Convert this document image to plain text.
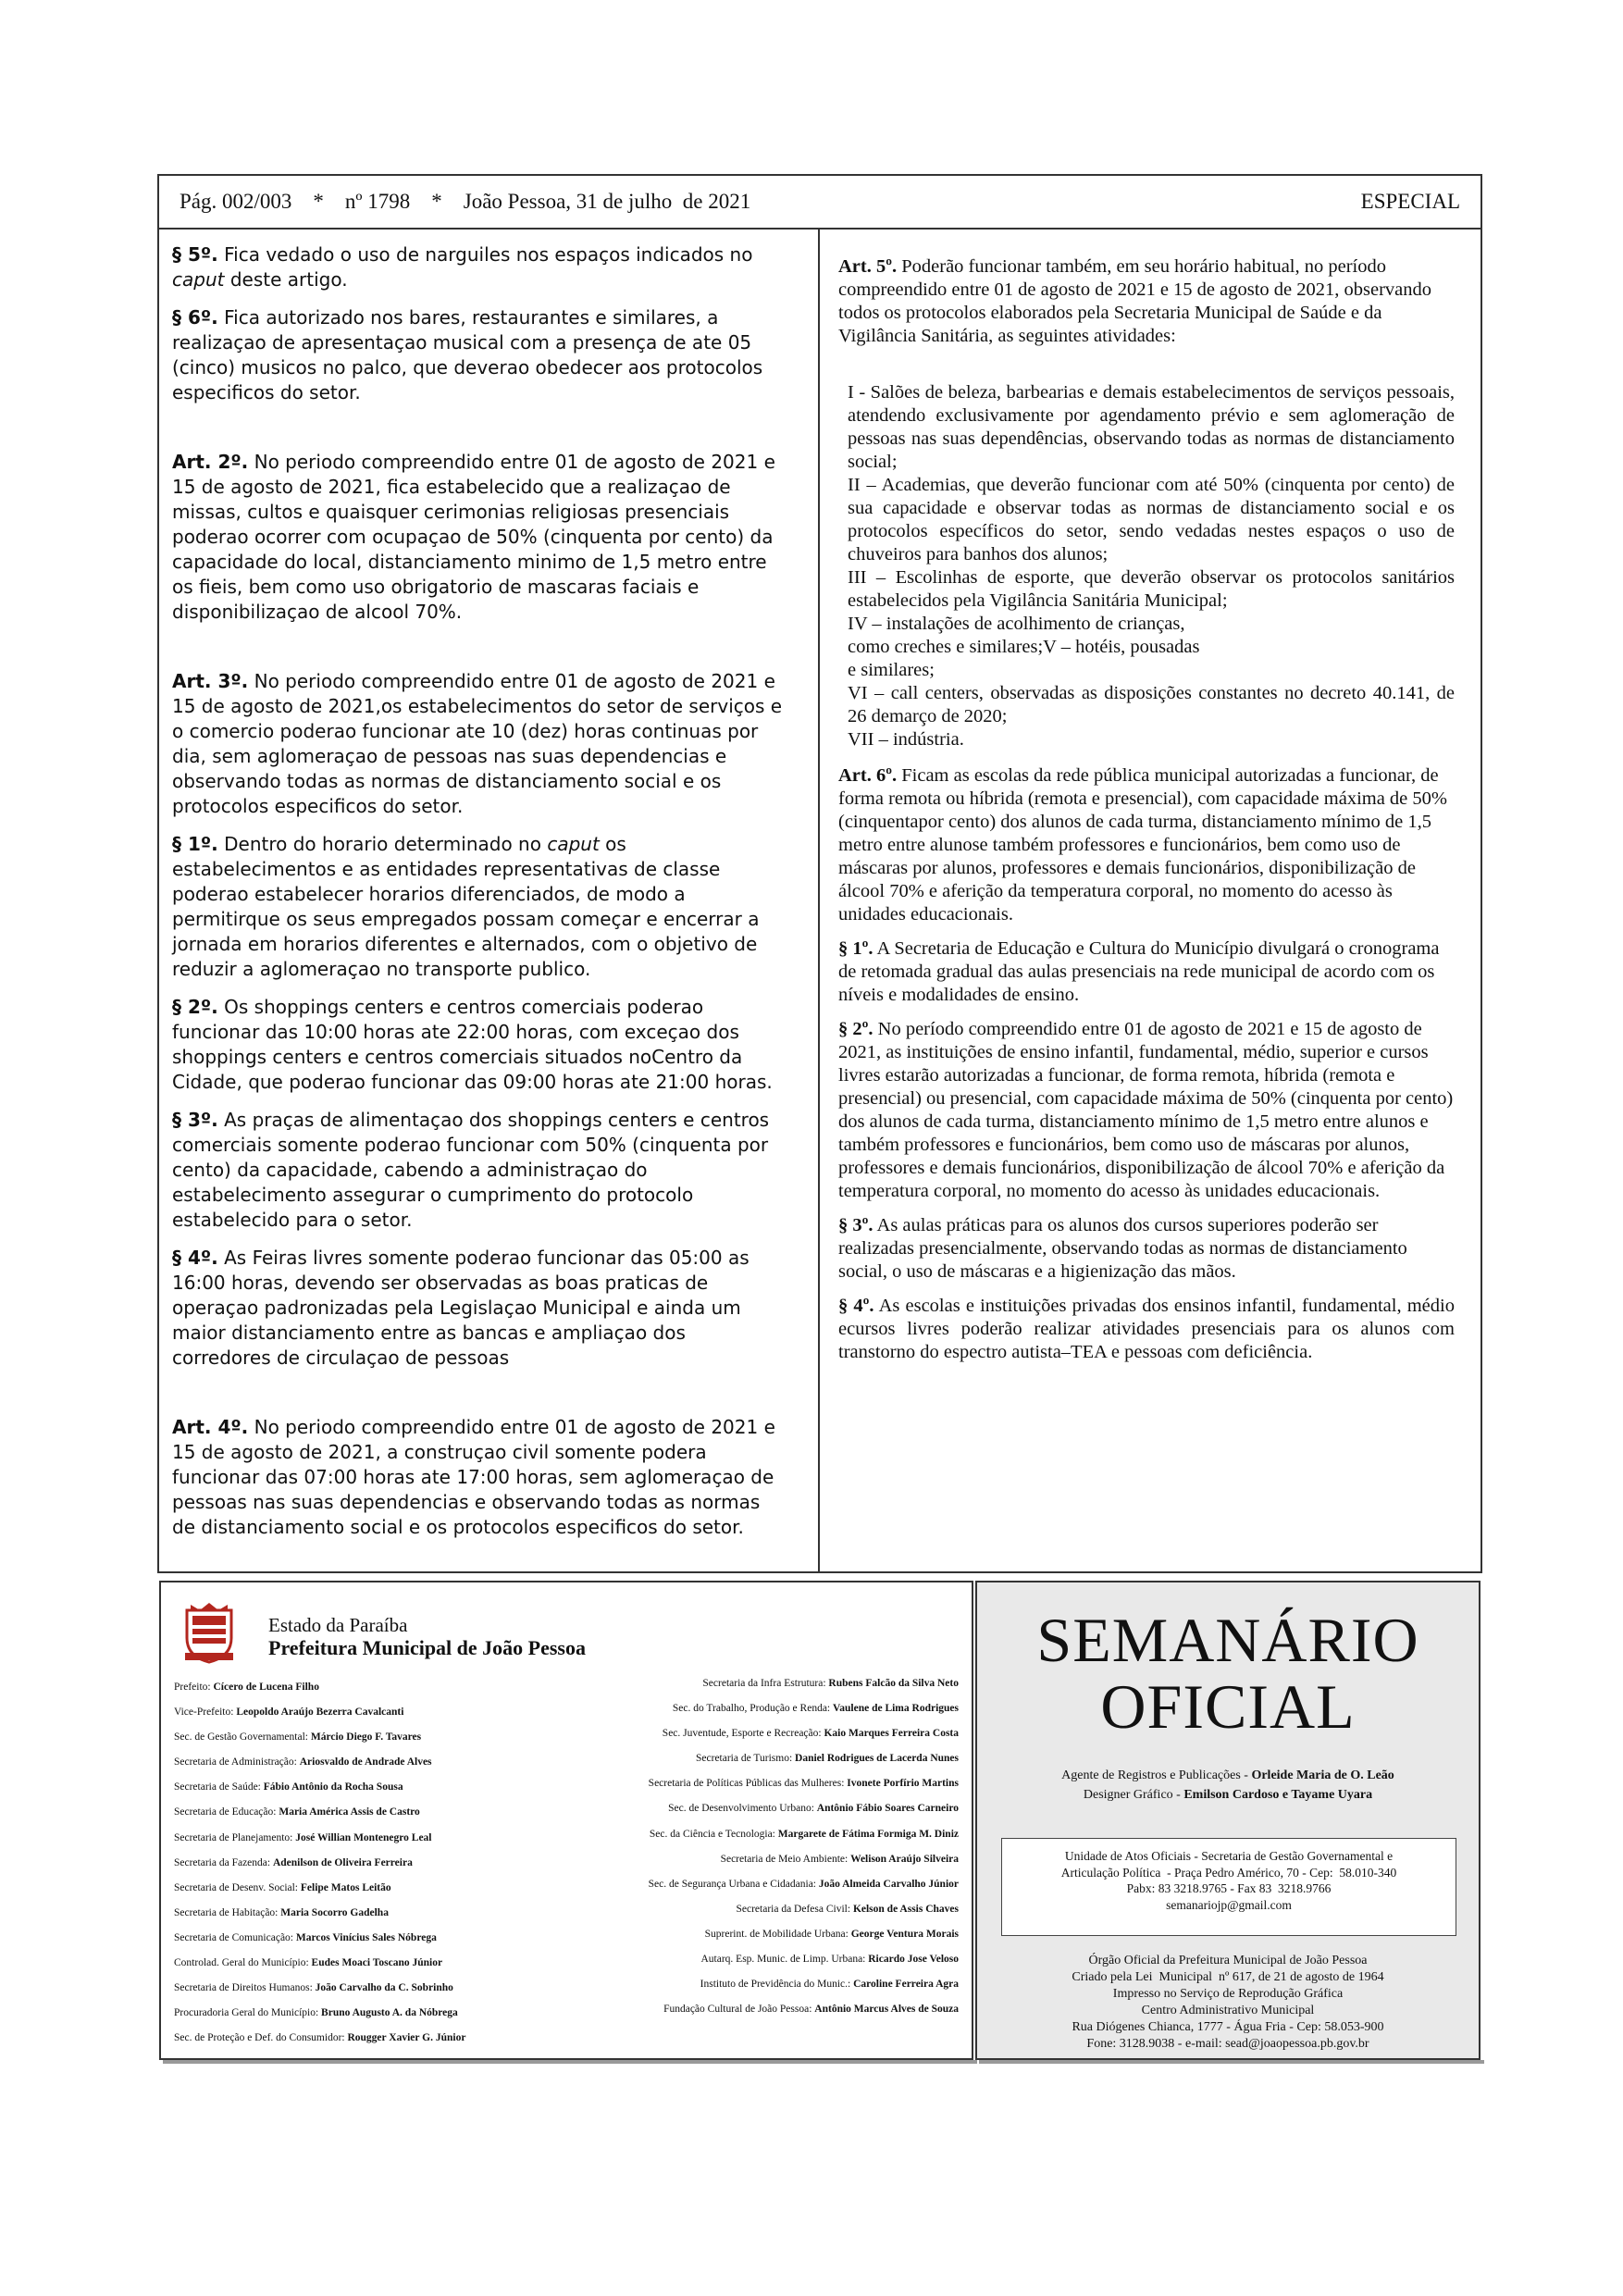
Pág. 002/003    *    nº 1798    *    João Pessoa, 31 de julho  de 2021	ESPECIAL

§ 5º. Fica vedado o uso de narguiles nos espaços indicados no caput deste artigo.

§ 6º. Fica autorizado nos bares, restaurantes e similares, a realizaçao de apresentaçao musical com a presença de ate 05 (cinco) musicos no palco, que deverao obedecer aos protocolos especificos do setor.

Art. 2º. No periodo compreendido entre 01 de agosto de 2021 e 15 de agosto de 2021, fica estabelecido que a realizaçao de missas, cultos e quaisquer cerimonias religiosas presenciais poderao ocorrer com ocupaçao de 50% (cinquenta por cento) da capacidade do local, distanciamento minimo de 1,5 metro entre os fieis, bem como uso obrigatorio de mascaras faciais e disponibilizaçao de alcool 70%.

Art. 3º. No periodo compreendido entre 01 de agosto de 2021 e 15 de agosto de 2021,os estabelecimentos do setor de serviços e o comercio poderao funcionar ate 10 (dez) horas continuas por dia, sem aglomeraçao de pessoas nas suas dependencias e observando todas as normas de distanciamento social e os protocolos especificos do setor.

§ 1º. Dentro do horario determinado no caput os estabelecimentos e as entidades representativas de classe poderao estabelecer horarios diferenciados, de modo a permitirque os seus empregados possam começar e encerrar a jornada em horarios diferentes e alternados, com o objetivo de reduzir a aglomeraçao no transporte publico.

§ 2º. Os shoppings centers e centros comerciais poderao funcionar das 10:00 horas ate 22:00 horas, com exceçao dos shoppings centers e centros comerciais situados noCentro da Cidade, que poderao funcionar das 09:00 horas ate 21:00 horas.

§ 3º. As praças de alimentaçao dos shoppings centers e centros comerciais somente poderao funcionar com 50% (cinquenta por cento) da capacidade, cabendo a administraçao do estabelecimento assegurar o cumprimento do protocolo estabelecido para o setor.

§ 4º. As Feiras livres somente poderao funcionar das 05:00 as 16:00 horas, devendo ser observadas as boas praticas de operaçao padronizadas pela Legislaçao Municipal e ainda um maior distanciamento entre as bancas e ampliaçao dos corredores de circulaçao de pessoas

Art. 4º. No periodo compreendido entre 01 de agosto de 2021 e 15 de agosto de 2021, a construçao civil somente podera funcionar das 07:00 horas ate 17:00 horas, sem aglomeraçao de pessoas nas suas dependencias e observando todas as normas de distanciamento social e os protocolos especificos do setor.

Art. 5º. Poderão funcionar também, em seu horário habitual, no período compreendido entre 01 de agosto de 2021 e 15 de agosto de 2021, observando todos os protocolos elaborados pela Secretaria Municipal de Saúde e da Vigilância Sanitária, as seguintes atividades:

I - Salões de beleza, barbearias e demais estabelecimentos de serviços pessoais, atendendo exclusivamente por agendamento prévio e sem aglomeração de pessoas nas suas dependências, observando todas as normas de distanciamento social;
II – Academias, que deverão funcionar com até 50% (cinquenta por cento) de sua capacidade e observar todas as normas de distanciamento social e os protocolos específicos do setor, sendo vedadas nestes espaços o uso de chuveiros para banhos dos alunos;
III – Escolinhas de esporte, que deverão observar os protocolos sanitários estabelecidos pela Vigilância Sanitária Municipal;
IV – instalações de acolhimento de crianças,
como creches e similares;V – hotéis, pousadas
e similares;
VI – call centers, observadas as disposições constantes no decreto 40.141, de 26 demarço de 2020;
VII – indústria.

Art. 6º. Ficam as escolas da rede pública municipal autorizadas a funcionar, de forma remota ou híbrida (remota e presencial), com capacidade máxima de 50% (cinquentapor cento) dos alunos de cada turma, distanciamento mínimo de 1,5 metro entre alunose também professores e funcionários, bem como uso de máscaras por alunos, professores e demais funcionários, disponibilização de álcool 70% e aferição da temperatura corporal, no momento do acesso às unidades educacionais.

§ 1º. A Secretaria de Educação e Cultura do Município divulgará o cronograma de retomada gradual das aulas presenciais na rede municipal de acordo com os níveis e modalidades de ensino.

§ 2º. No período compreendido entre 01 de agosto de 2021 e 15 de agosto de 2021, as instituições de ensino infantil, fundamental, médio, superior e cursos livres estarão autorizadas a funcionar, de forma remota, híbrida (remota e presencial) ou presencial, com capacidade máxima de 50% (cinquenta por cento) dos alunos de cada turma, distanciamento mínimo de 1,5 metro entre alunos e também professores e funcionários, bem como uso de máscaras por alunos, professores e demais funcionários, disponibilização de álcool 70% e aferição da temperatura corporal, no momento do acesso às unidades educacionais.

§ 3º. As aulas práticas para os alunos dos cursos superiores poderão ser realizadas presencialmente, observando todas as normas de distanciamento social, o uso de máscaras e a higienização das mãos.

§ 4º. As escolas e instituições privadas dos ensinos infantil, fundamental, médio ecursos livres poderão realizar atividades presenciais para os alunos com transtorno do espectro autista–TEA e pessoas com deficiência.

Estado da Paraíba
Prefeitura Municipal de João Pessoa
Prefeito: Cícero de Lucena Filho
Vice-Prefeito: Leopoldo Araújo Bezerra Cavalcanti
Sec. de Gestão Governamental: Márcio Diego F. Tavares
Secretaria de Administração: Ariosvaldo de Andrade Alves
Secretaria de Saúde: Fábio Antônio da Rocha Sousa
Secretaria de Educação: Maria América Assis de Castro
Secretaria de Planejamento: José Willian Montenegro Leal
Secretaria da Fazenda: Adenilson de Oliveira Ferreira
Secretaria de Desenv. Social: Felipe Matos Leitão
Secretaria de Habitação: Maria Socorro Gadelha
Secretaria de Comunicação: Marcos Vinícius Sales Nóbrega
Controlad. Geral do Município: Eudes Moaci Toscano Júnior
Secretaria de Direitos Humanos: João Carvalho da C. Sobrinho
Procuradoria Geral do Município: Bruno Augusto A. da Nóbrega
Sec. de Proteção e Def. do Consumidor: Rougger Xavier G. Júnior
Secretaria da Infra Estrutura: Rubens Falcão da Silva Neto
Sec. do Trabalho, Produção e Renda: Vaulene de Lima Rodrigues
Sec. Juventude, Esporte e Recreação: Kaio Marques Ferreira Costa
Secretaria de Turismo: Daniel Rodrigues de Lacerda Nunes
Secretaria de Políticas Públicas das Mulheres: Ivonete Porfírio Martins
Sec. de Desenvolvimento Urbano: Antônio Fábio Soares Carneiro
Sec. da Ciência e Tecnologia: Margarete de Fátima Formiga M. Diniz
Secretaria de Meio Ambiente: Welison Araújo Silveira
Sec. de Segurança Urbana e Cidadania: João Almeida Carvalho Júnior
Secretaria da Defesa Civil: Kelson de Assis Chaves
Suprerint. de Mobilidade Urbana: George Ventura Morais
Autarq. Esp. Munic. de Limp. Urbana: Ricardo Jose Veloso
Instituto de Previdência do Munic.: Caroline Ferreira Agra
Fundação Cultural de João Pessoa: Antônio Marcus Alves de Souza
SEMANÁRIO
OFICIAL
Agente de Registros e Publicações - Orleide Maria de O. Leão
Designer Gráfico - Emilson Cardoso e Tayame Uyara
Unidade de Atos Oficiais - Secretaria de Gestão Governamental e
Articulação Política  - Praça Pedro Américo, 70 - Cep:  58.010-340
Pabx: 83 3218.9765 - Fax 83  3218.9766
semanariojp@gmail.com
Órgão Oficial da Prefeitura Municipal de João Pessoa
Criado pela Lei  Municipal  nº 617, de 21 de agosto de 1964
Impresso no Serviço de Reprodução Gráfica
Centro Administrativo Municipal
Rua Diógenes Chianca, 1777 - Água Fria - Cep: 58.053-900
Fone: 3128.9038 - e-mail: sead@joaopessoa.pb.gov.br
